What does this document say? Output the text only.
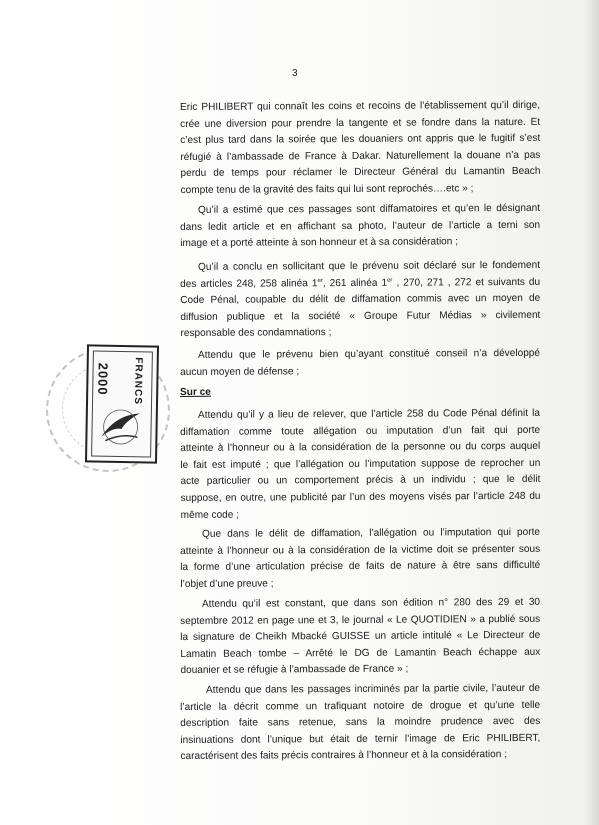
3
2000 FRANCS
Eric PHILIBERT qui connaît les coins et recoins de l’établissement qu’il dirige,
crée une diversion pour prendre la tangente et se fondre dans la nature. Et
c’est plus tard dans la soirée que les douaniers ont appris que le fugitif s’est
réfugié à l’ambassade de France à Dakar. Naturellement la douane n’a pas
perdu de temps pour réclamer le Directeur Général du Lamantin Beach
compte tenu de la gravité des faits qui lui sont reprochés….etc » ;
Qu’il a estimé que ces passages sont diffamatoires et qu’en le désignant
dans ledit article et en affichant sa photo, l’auteur de l’article a terni son
image et a porté atteinte à son honneur et à sa considération ;
Qu’il a conclu en sollicitant que le prévenu soit déclaré sur le fondement
des articles 248, 258 alinéa 1er, 261 alinéa 1er , 270, 271 , 272 et suivants du
Code Pénal, coupable du délit de diffamation commis avec un moyen de
diffusion publique et la société « Groupe Futur Médias » civilement
responsable des condamnations ;
Attendu que le prévenu bien qu’ayant constitué conseil n’a développé
aucun moyen de défense ;
Sur ce
Attendu qu’il y a lieu de relever, que l’article 258 du Code Pénal définit la
diffamation comme toute allégation ou imputation d’un fait qui porte
atteinte à l’honneur ou à la considération de la personne ou du corps auquel
le fait est imputé ; que l’allégation ou l’imputation suppose de reprocher un
acte particulier ou un comportement précis à un individu ; que le délit
suppose, en outre, une publicité par l’un des moyens visés par l’article 248 du
même code ;
Que dans le délit de diffamation, l’allégation ou l’imputation qui porte
atteinte à l’honneur ou à la considération de la victime doit se présenter sous
la forme d’une articulation précise de faits de nature à être sans difficulté
l’objet d’une preuve ;
Attendu qu’il est constant, que dans son édition n° 280 des 29 et 30
septembre 2012 en page une et 3, le journal « Le QUOTIDIEN » a publié sous
la signature de Cheikh Mbacké GUISSE un article intitulé « Le Directeur de
Lamatin Beach tombe – Arrêté le DG de Lamantin Beach échappe aux
douanier et se réfugie à l’ambassade de France » ;
Attendu que dans les passages incriminés par la partie civile, l’auteur de
l’article la décrit comme un trafiquant notoire de drogue et qu’une telle
description faite sans retenue, sans la moindre prudence avec des
insinuations dont l’unique but était de ternir l’image de Eric PHILIBERT,
caractérisent des faits précis contraires à l’honneur et à la considération ;
